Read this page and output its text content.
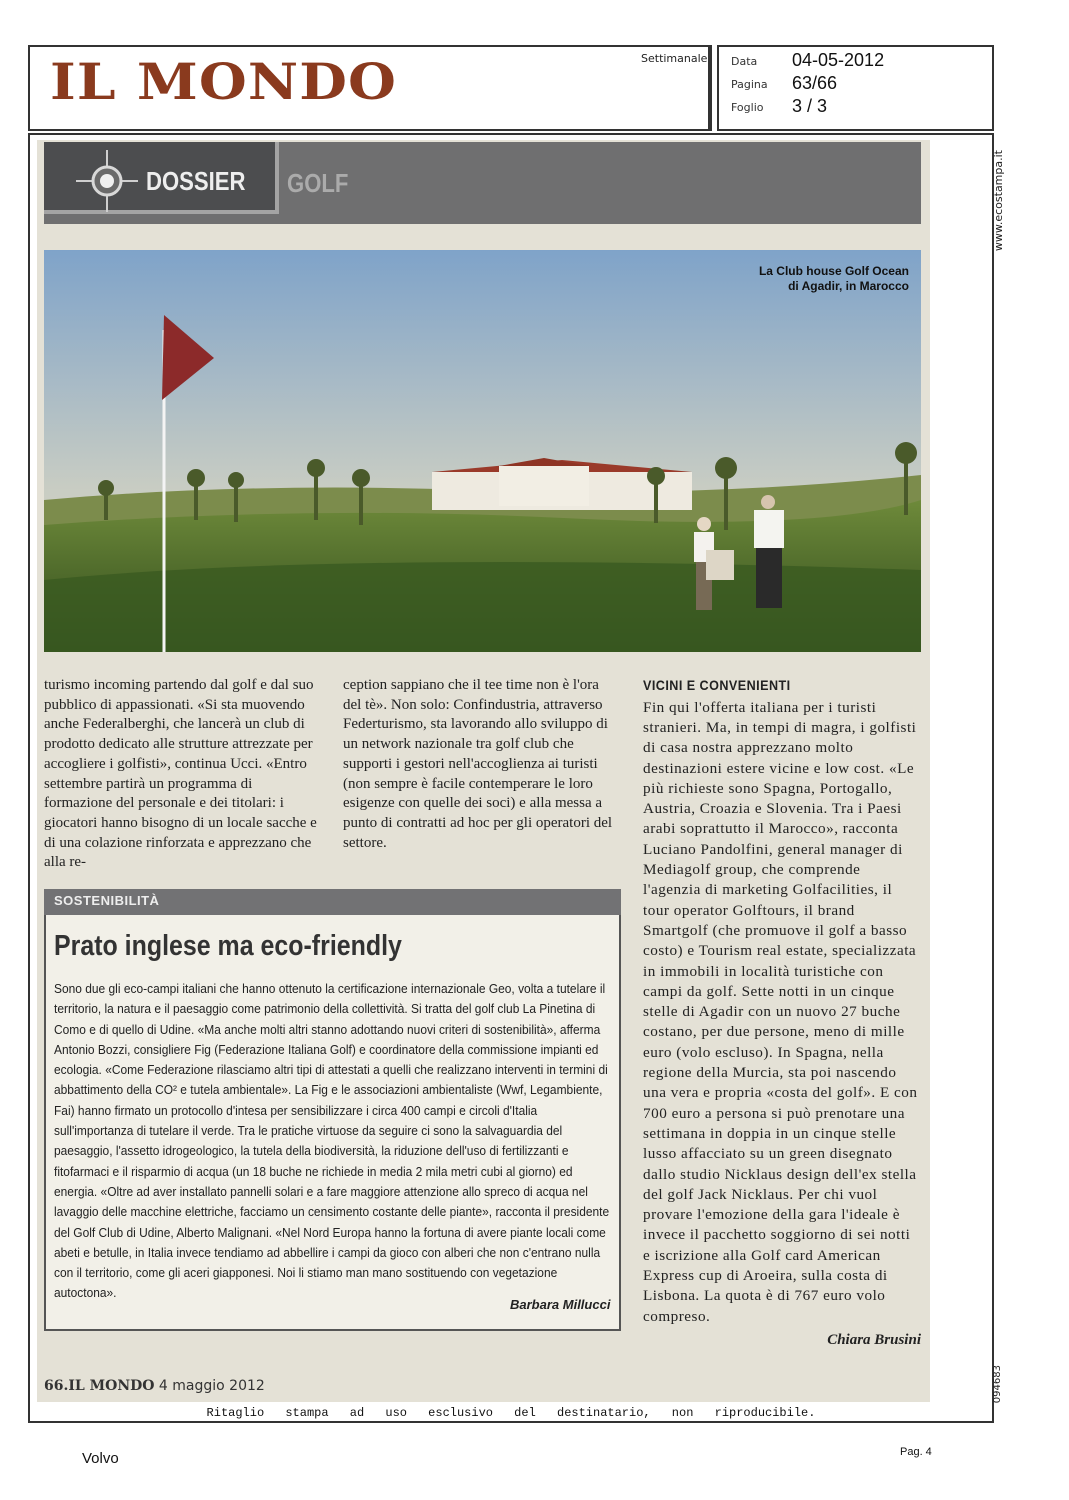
IL MONDO	Settimanale Data 04-05-2012
Pagina 63/66
Foglio 3 / 3
www.ecostampa.it
094683
DOSSIER GOLF
La Club house Golf Ocean
di Agadir, in Marocco
turismo incoming partendo dal golf e dal suo pubblico di appassionati. «Si sta muovendo anche Federalberghi, che lancerà un club di prodotto dedicato alle strutture attrezzate per accogliere i golfisti», continua Ucci. «Entro settembre partirà un programma di formazione del personale e dei titolari: i giocatori hanno bisogno di un locale sacche e di una colazione rinforzata e apprezzano che alla re-
ception sappiano che il tee time non è l'ora del tè». Non solo: Confindustria, attraverso Federturismo, sta lavorando allo sviluppo di un network nazionale tra golf club che supporti i gestori nell'accoglienza ai turisti (non sempre è facile contemperare le loro esigenze con quelle dei soci) e alla messa a punto di contratti ad hoc per gli operatori del settore.
VICINI E CONVENIENTI

Fin qui l'offerta italiana per i turisti stranieri. Ma, in tempi di magra, i golfisti di casa nostra apprezzano molto destinazioni estere vicine e low cost. «Le più richieste sono Spagna, Portogallo, Austria, Croazia e Slovenia. Tra i Paesi arabi soprattutto il Marocco», racconta Luciano Pandolfini, general manager di Mediagolf group, che comprende l'agenzia di marketing Golfacilities, il tour operator Golftours, il brand Smartgolf (che promuove il golf a basso costo) e Tourism real estate, specializzata in immobili in località turistiche con campi da golf. Sette notti in un cinque stelle di Agadir con un nuovo 27 buche costano, per due persone, meno di mille euro (volo escluso). In Spagna, nella regione della Murcia, sta poi nascendo una vera e propria «costa del golf». E con 700 euro a persona si può prenotare una settimana in doppia in un cinque stelle lusso affacciato su un green disegnato dallo studio Nicklaus design dell'ex stella del golf Jack Nicklaus. Per chi vuol provare l'emozione della gara l'ideale è invece il pacchetto soggiorno di sei notti e iscrizione alla Golf card American Express cup di Aroeira, sulla costa di Lisbona. La quota è di 767 euro volo compreso.

Chiara Brusini
SOSTENIBILITÀ
Prato inglese ma eco-friendly
Sono due gli eco-campi italiani che hanno ottenuto la certificazione internazionale Geo, volta a tutelare il territorio, la natura e il paesaggio come patrimonio della collettività. Si tratta del golf club La Pinetina di Como e di quello di Udine. «Ma anche molti altri stanno adottando nuovi criteri di sostenibilità», afferma Antonio Bozzi, consigliere Fig (Federazione Italiana Golf) e coordinatore della commissione impianti ed ecologia. «Come Federazione rilasciamo altri tipi di attestati a quelli che realizzano interventi in termini di abbattimento della CO² e tutela ambientale». La Fig e le associazioni ambientaliste (Wwf, Legambiente, Fai) hanno firmato un protocollo d'intesa per sensibilizzare i circa 400 campi e circoli d'Italia sull'importanza di tutelare il verde. Tra le pratiche virtuose da seguire ci sono la salvaguardia del paesaggio, l'assetto idrogeologico, la tutela della biodiversità, la riduzione dell'uso di fertilizzanti e fitofarmaci e il risparmio di acqua (un 18 buche ne richiede in media 2 mila metri cubi al giorno) ed energia. «Oltre ad aver installato pannelli solari e a fare maggiore attenzione allo spreco di acqua nel lavaggio delle macchine elettriche, facciamo un censimento costante delle piante», racconta il presidente del Golf Club di Udine, Alberto Malignani. «Nel Nord Europa hanno la fortuna di avere piante locali come abeti e betulle, in Italia invece tendiamo ad abbellire i campi da gioco con alberi che non c'entrano nulla con il territorio, come gli aceri giapponesi. Noi li stiamo man mano sostituendo con vegetazione autoctona».
Barbara Millucci
66.IL MONDO 4 maggio 2012
Ritaglio stampa ad uso esclusivo del destinatario, non riproducibile.
Volvo	Pag. 4
